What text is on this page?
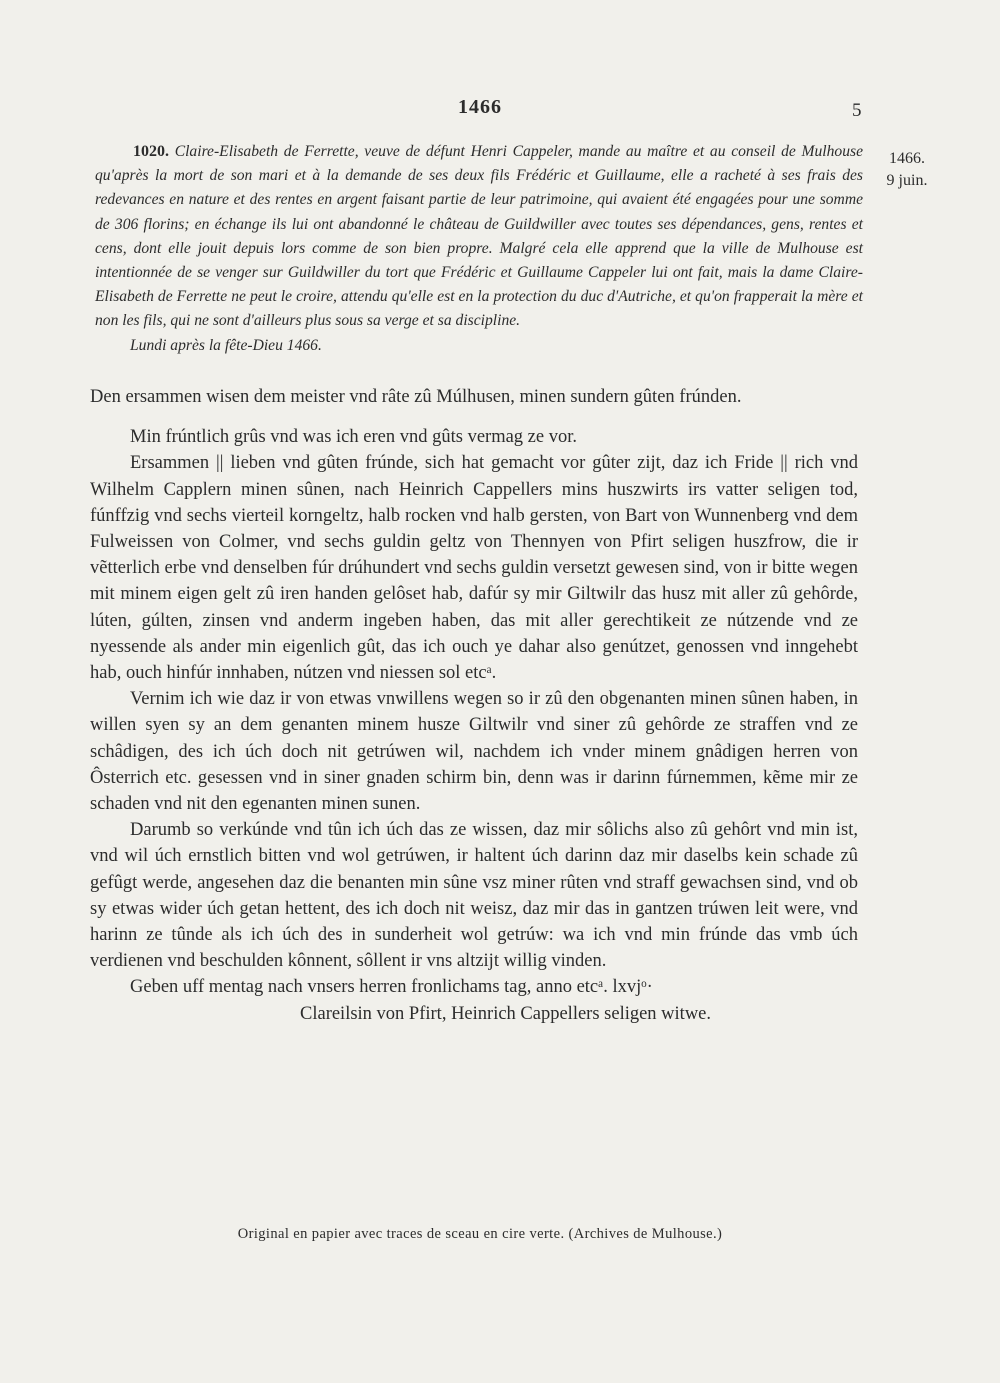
1466	5
1466.
9 juin.
1020. Claire-Elisabeth de Ferrette, veuve de défunt Henri Cappeler, mande au maître et au conseil de Mulhouse qu'après la mort de son mari et à la demande de ses deux fils Frédéric et Guillaume, elle a racheté à ses frais des redevances en nature et des rentes en argent faisant partie de leur patrimoine, qui avaient été engagées pour une somme de 306 florins; en échange ils lui ont abandonné le château de Guildwiller avec toutes ses dépendances, gens, rentes et cens, dont elle jouit depuis lors comme de son bien propre. Malgré cela elle apprend que la ville de Mulhouse est intentionnée de se venger sur Guildwiller du tort que Frédéric et Guillaume Cappeler lui ont fait, mais la dame Claire-Elisabeth de Ferrette ne peut le croire, attendu qu'elle est en la protection du duc d'Autriche, et qu'on frapperait la mère et non les fils, qui ne sont d'ailleurs plus sous sa verge et sa discipline.
Lundi après la fête-Dieu 1466.

Den ersammen wisen dem meister vnd râte zû Múlhusen, minen sundern gûten frúnden.

Min frúntlich grûs vnd was ich eren vnd gûts vermag ze vor.

Ersammen || lieben vnd gûten frúnde, sich hat gemacht vor gûter zijt, daz ich Fride || rich vnd Wilhelm Capplern minen sûnen, nach Heinrich Cappellers mins huszwirts irs vatter seligen tod, fúnffzig vnd sechs vierteil korngeltz, halb rocken vnd halb gersten, von Bart von Wunnenberg vnd dem Fulweissen von Colmer, vnd sechs guldin geltz von Thennyen von Pfirt seligen huszfrow, die ir vẽtterlich erbe vnd denselben fúr drúhundert vnd sechs guldin versetzt gewesen sind, von ir bitte wegen mit minem eigen gelt zû iren handen gelôset hab, dafúr sy mir Giltwilr das husz mit aller zû gehôrde, lúten, gúlten, zinsen vnd anderm ingeben haben, das mit aller gerechtikeit ze nútzende vnd ze nyessende als ander min eigenlich gût, das ich ouch ye dahar also genútzet, genossen vnd inngehebt hab, ouch hinfúr innhaben, nútzen vnd niessen sol etcᵃ.

Vernim ich wie daz ir von etwas vnwillens wegen so ir zû den obgenanten minen sûnen haben, in willen syen sy an dem genanten minem husze Giltwilr vnd siner zû gehôrde ze straffen vnd ze schâdigen, des ich úch doch nit getrúwen wil, nachdem ich vnder minem gnâdigen herren von Ôsterrich etc. gesessen vnd in siner gnaden schirm bin, denn was ir darinn fúrnemmen, kẽme mir ze schaden vnd nit den egenanten minen sunen.

Darumb so verkúnde vnd tûn ich úch das ze wissen, daz mir sôlichs also zû gehôrt vnd min ist, vnd wil úch ernstlich bitten vnd wol getrúwen, ir haltent úch darinn daz mir daselbs kein schade zû gefûgt werde, angesehen daz die benanten min sûne vsz miner rûten vnd straff gewachsen sind, vnd ob sy etwas wider úch getan hettent, des ich doch nit weisz, daz mir das in gantzen trúwen leit were, vnd harinn ze tûnde als ich úch des in sunderheit wol getrúw: wa ich vnd min frúnde das vmb úch verdienen vnd beschulden kônnent, sôllent ir vns altzijt willig vinden.

Geben uff mentag nach vnsers herren fronlichams tag, anno etcᵃ. lxvjᵒ·

Clareilsin von Pfirt, Heinrich Cappellers seligen witwe.

Original en papier avec traces de sceau en cire verte. (Archives de Mulhouse.)
